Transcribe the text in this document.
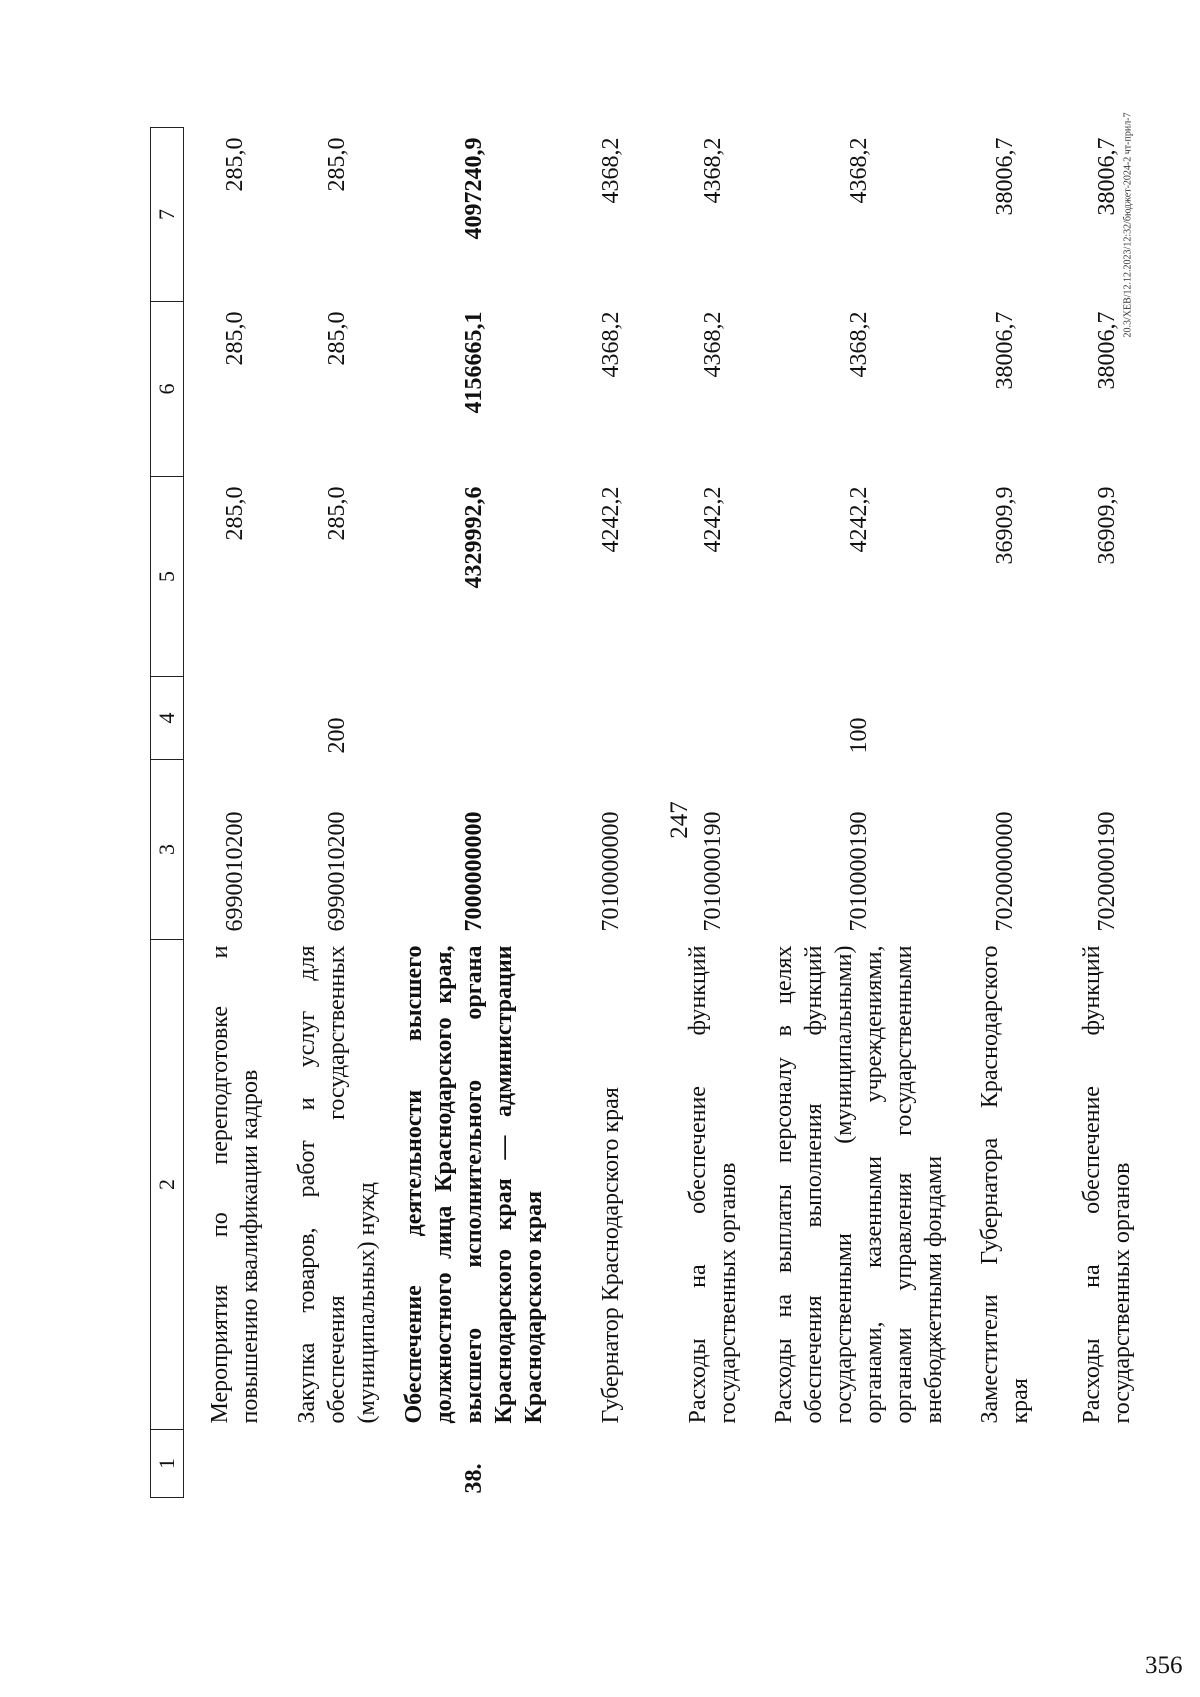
247
356
20.3/XEB/12.12.2023/12:32/бюджет-2024-2 чт-прил-7
1	2	3	4	5	6	7
	Мероприятия по переподготовке и повышению квалификации кадров	6990010200		285,0	285,0	285,0
	Закупка товаров, работ и услуг для обеспечения государственных (муниципальных) нужд	6990010200	200	285,0	285,0	285,0
38.	Обеспечение деятельности высшего должностного лица Краснодарского края, высшего исполнительного органа Краснодарского края — администрации Краснодарского края	7000000000		4329992,6	4156665,1	4097240,9
	Губернатор Краснодарского края	7010000000		4242,2	4368,2	4368,2
	Расходы на обеспечение функций государственных органов	7010000190		4242,2	4368,2	4368,2
	Расходы на выплаты персоналу в целях обеспечения выполнения функций государственными (муниципальными) органами, казенными учреждениями, органами управления государственными внебюджетными фондами	7010000190	100	4242,2	4368,2	4368,2
	Заместители Губернатора Краснодарского края	7020000000		36909,9	38006,7	38006,7
	Расходы на обеспечение функций государственных органов	7020000190		36909,9	38006,7	38006,7
